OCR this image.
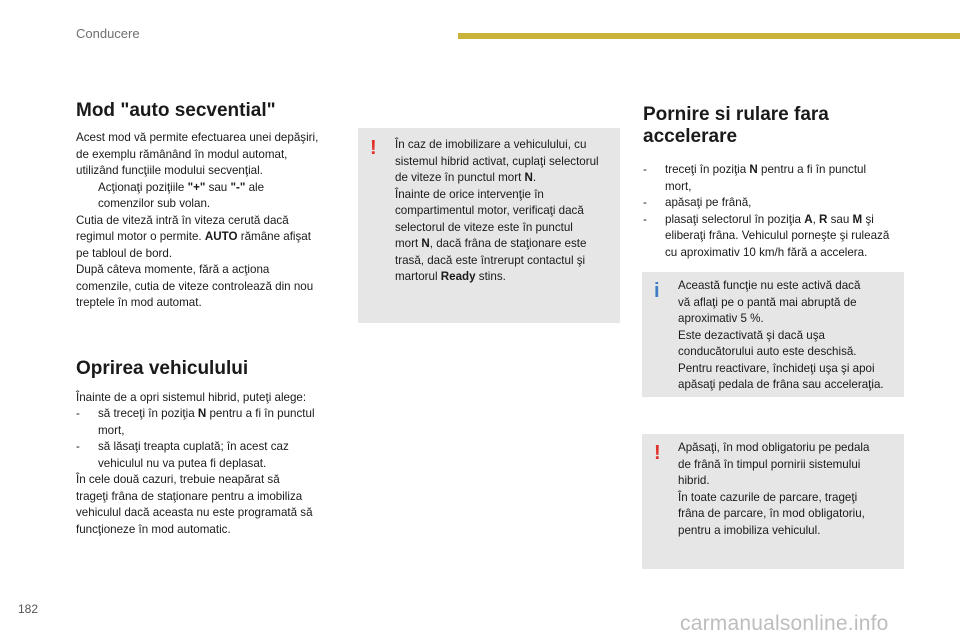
Conducere
Mod "auto secvential"
Acest mod vă permite efectuarea unei depăşiri,
de exemplu rămânând în modul automat,
utilizând funcţiile modului secvenţial.
Acţionaţi poziţiile "+" sau "-" ale
comenzilor sub volan.
Cutia de viteză intră în viteza cerută dacă
regimul motor o permite. AUTO rămâne afişat
pe tabloul de bord.
După câteva momente, fără a acţiona
comenzile, cutia de viteze controlează din nou
treptele în mod automat.
Oprirea vehiculului
Înainte de a opri sistemul hibrid, puteţi alege:
- să treceţi în poziţia N pentru a fi în punctul
mort,
- să lăsaţi treapta cuplată; în acest caz
vehiculul nu va putea fi deplasat.
În cele două cazuri, trebuie neapărat să
trageţi frâna de staţionare pentru a imobiliza
vehiculul dacă aceasta nu este programată să
funcţioneze în mod automatic.
! În caz de imobilizare a vehiculului, cu
sistemul hibrid activat, cuplaţi selectorul
de viteze în punctul mort N.
Înainte de orice intervenţie în
compartimentul motor, verificaţi dacă
selectorul de viteze este în punctul
mort N, dacă frâna de staţionare este
trasă, dacă este întrerupt contactul şi
martorul Ready stins.
Pornire si rulare fara
accelerare
- treceţi în poziţia N pentru a fi în punctul
mort,
- apăsaţi pe frână,
- plasaţi selectorul în poziţia A, R sau M şi
eliberaţi frâna. Vehiculul porneşte şi rulează
cu aproximativ 10 km/h fără a accelera.
i Această funcţie nu este activă dacă
vă aflaţi pe o pantă mai abruptă de
aproximativ 5 %.
Este dezactivată şi dacă uşa
conducătorului auto este deschisă.
Pentru reactivare, închideţi uşa şi apoi
apăsaţi pedala de frâna sau acceleraţia.
! Apăsaţi, în mod obligatoriu pe pedala
de frână în timpul pornirii sistemului
hibrid.
În toate cazurile de parcare, trageţi
frâna de parcare, în mod obligatoriu,
pentru a imobiliza vehiculul.
182
carmanualsonline.info
